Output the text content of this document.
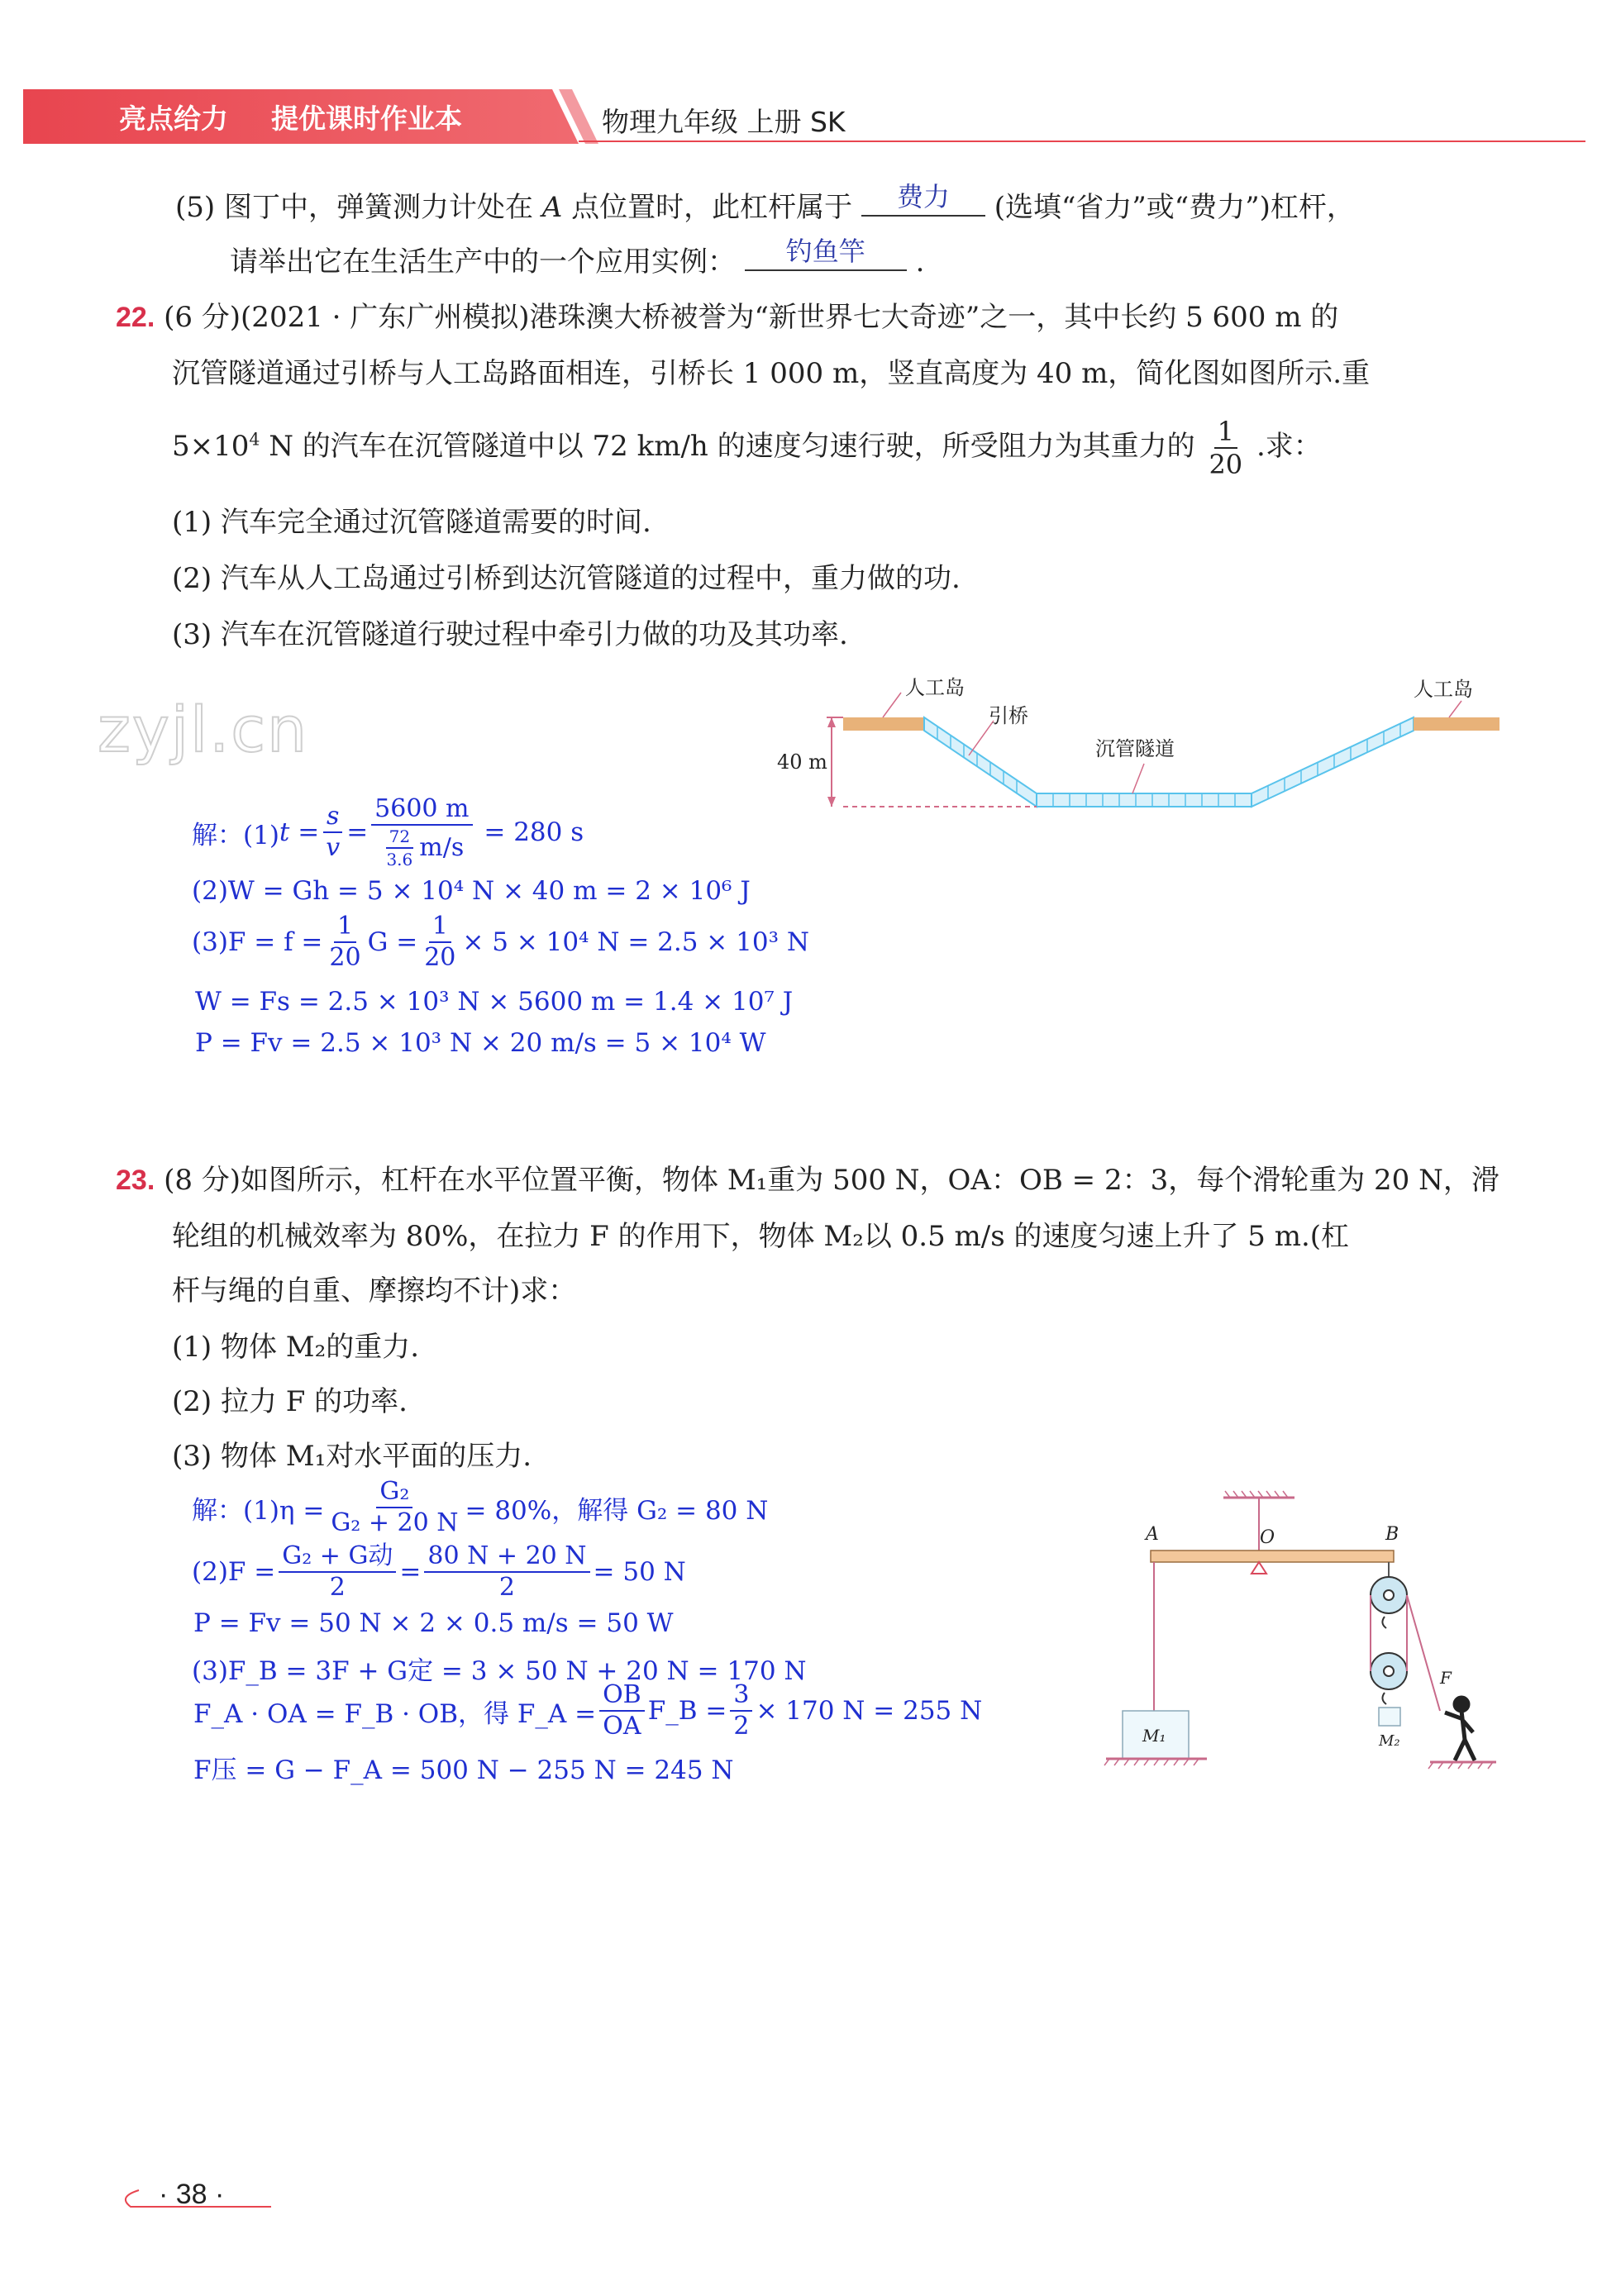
亮点给力 提优课时作业本	物理九年级 上册 SK
(5) 图丁中，弹簧测力计处在 A 点位置时，此杠杆属于	费力	(选填“省力”或“费力”)杠杆，
请举出它在生活生产中的一个应用实例：	钓鱼竿	.
22. (6 分)(2021 · 广东广州模拟)港珠澳大桥被誉为“新世界七大奇迹”之一，其中长约 5 600 m 的
沉管隧道通过引桥与人工岛路面相连，引桥长 1 000 m，竖直高度为 40 m，简化图如图所示.重
$5\times 10^4$ N 的汽车在沉管隧道中以 72 km/h 的速度匀速行驶，所受阻力为其重力的 $\frac{1}{20}$ .求：
(1) 汽车完全通过沉管隧道需要的时间.
(2) 汽车从人工岛通过引桥到达沉管隧道的过程中，重力做的功.
(3) 汽车在沉管隧道行驶过程中牵引力做的功及其功率.
zyjl.cn
人工岛
引桥
沉管隧道
人工岛
40 m
解：(1) t
= $\frac{s}{v} = \frac{5600 m}{\frac{72}{3.6} m/s}$
= 280 s
(2)W = Gh = 5 × 10⁴ N × 40 m = 2 × 10⁶ J
$(3)F = f = \frac{1}{20}$ $G = \frac{1}{20} \times 5 \times 10^4$ N = 2.5 × 10³ N
W = Fs = 2.5 × 10³ N × 5600 m = 1.4 × 10⁷ J
P = Fv = 2.5 × 10³ N × 20 m/s = 5 × 10⁴ W
23. (8 分)如图所示，杠杆在水平位置平衡，物体 M₁重为 500 N，OA：OB = 2：3，每个滑轮重为 20 N，滑
轮组的机械效率为 80%，在拉力 F 的作用下，物体 M₂以 0.5 m/s 的速度匀速上升了 5 m.(杠
杆与绳的自重、摩擦均不计)求：
(1) 物体 M₂的重力.
(2) 拉力 F 的功率.
(3) 物体 M₁对水平面的压力.
解：$(1)\eta = \frac{\text{G₂}}{\text{G₂ + 20 N}} = 80\%$，解得 G₂ = 80 N
$(2)F = \frac{\text{G₂ + G动}}{2} = \frac{80 N + 20 N}{2} = 50$ N
P = Fv = 50 N × 2 × 0.5 m/s = 50 W
(3)F_B = 3F + G定 = 3 × 50 N + 20 N = 170 N
F_A · OA = F_B · OB，得 F_A = $\frac{OB}{OA}$ F_B = $\frac{3}{2} \times 170$ N = 255 N
F压 = G − F_A = 500 N − 255 N = 245 N
A	O	B
F
M₁	M₂
· 38 ·
